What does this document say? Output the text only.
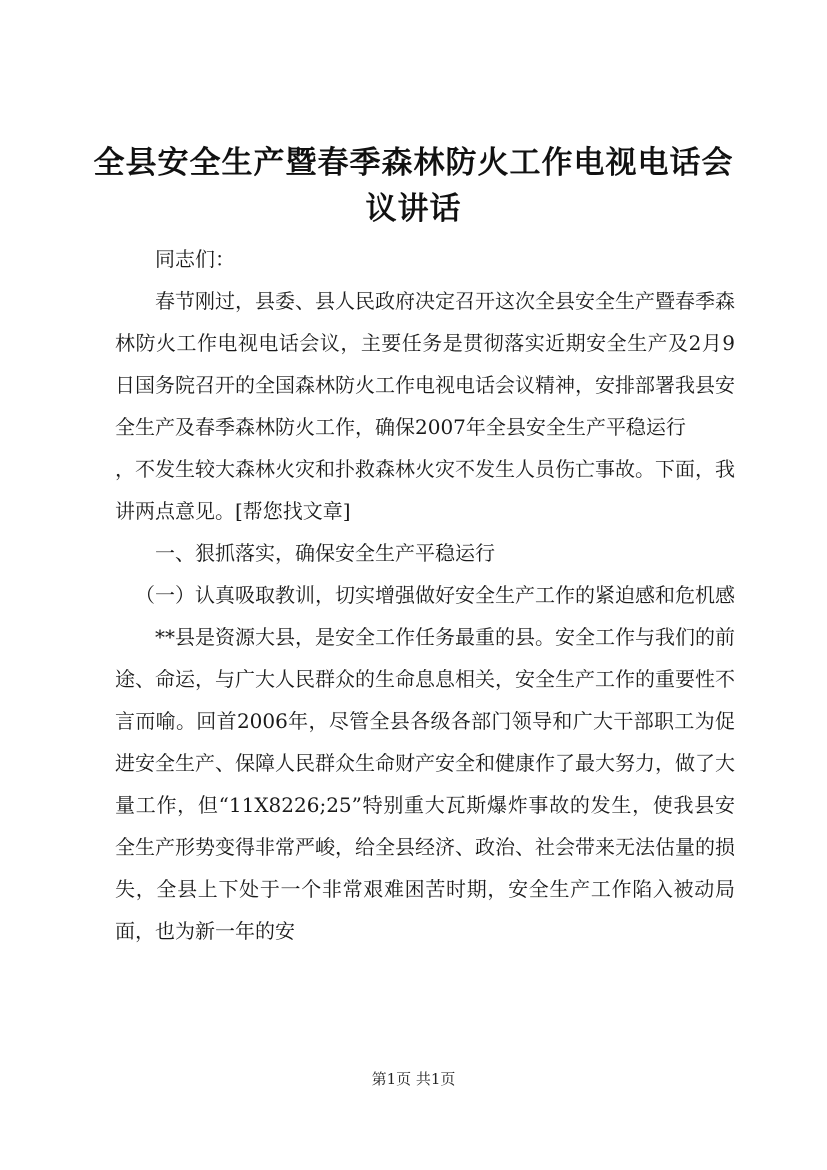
全县安全生产暨春季森林防火工作电视电话会议讲话

同志们：

春节刚过，县委、县人民政府决定召开这次全县安全生产暨春季森林防火工作电视电话会议，主要任务是贯彻落实近期安全生产及2月9日国务院召开的全国森林防火工作电视电话会议精神，安排部署我县安全生产及春季森林防火工作，确保2007年全县安全生产平稳运行

，不发生较大森林火灾和扑救森林火灾不发生人员伤亡事故。下面，我讲两点意见。[帮您找文章]

一、狠抓落实，确保安全生产平稳运行

（一）认真吸取教训，切实增强做好安全生产工作的紧迫感和危机感

**县是资源大县，是安全工作任务最重的县。安全工作与我们的前途、命运，与广大人民群众的生命息息相关，安全生产工作的重要性不言而喻。回首2006年，尽管全县各级各部门领导和广大干部职工为促进安全生产、保障人民群众生命财产安全和健康作了最大努力，做了大量工作，但“11X8226;25”特别重大瓦斯爆炸事故的发生，使我县安全生产形势变得非常严峻，给全县经济、政治、社会带来无法估量的损失，全县上下处于一个非常艰难困苦时期，安全生产工作陷入被动局面，也为新一年的安

第1页 共1页
